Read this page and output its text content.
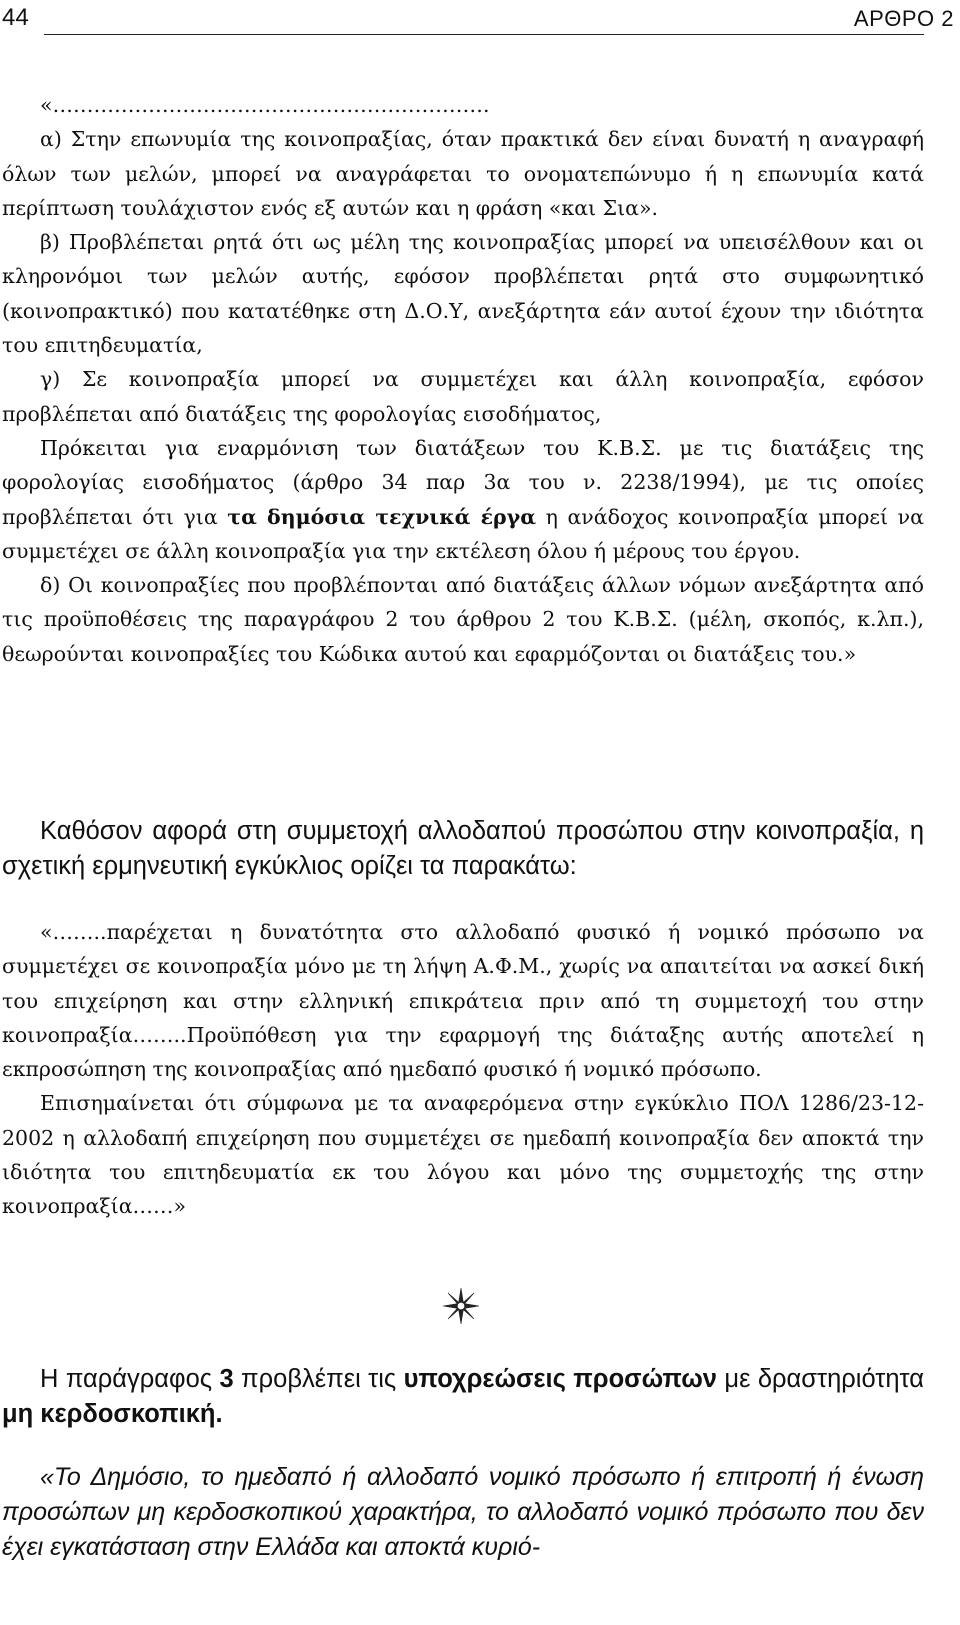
44	ΑΡΘΡΟ 2

«……………………………………………………….

α) Στην επωνυμία της κοινοπραξίας, όταν πρακτικά δεν είναι δυνατή η αναγραφή όλων των μελών, μπορεί να αναγράφεται το ονοματεπώνυμο ή η επωνυμία κατά περίπτωση τουλάχιστον ενός εξ αυτών και η φράση «και Σια».

β) Προβλέπεται ρητά ότι ως μέλη της κοινοπραξίας μπορεί να υπεισέλθουν και οι κληρονόμοι των μελών αυτής, εφόσον προβλέπεται ρητά στο συμφωνητικό (κοινοπρακτικό) που κατατέθηκε στη Δ.Ο.Υ, ανεξάρτητα εάν αυτοί έχουν την ιδιότητα του επιτηδευματία,

γ) Σε κοινοπραξία μπορεί να συμμετέχει και άλλη κοινοπραξία, εφόσον προβλέπεται από διατάξεις της φορολογίας εισοδήματος,

Πρόκειται για εναρμόνιση των διατάξεων του Κ.Β.Σ. με τις διατάξεις της φορολογίας εισοδήματος (άρθρο 34 παρ 3α του ν. 2238/1994), με τις οποίες προβλέπεται ότι για τα δημόσια τεχνικά έργα η ανάδοχος κοινοπραξία μπορεί να συμμετέχει σε άλλη κοινοπραξία για την εκτέλεση όλου ή μέρους του έργου.

δ) Οι κοινοπραξίες που προβλέπονται από διατάξεις άλλων νόμων ανεξάρτητα από τις προϋποθέσεις της παραγράφου 2 του άρθρου 2 του Κ.Β.Σ. (μέλη, σκοπός, κ.λπ.), θεωρούνται κοινοπραξίες του Κώδικα αυτού και εφαρμόζονται οι διατάξεις του.»

Καθόσον αφορά στη συμμετοχή αλλοδαπού προσώπου στην κοινοπραξία, η σχετική ερμηνευτική εγκύκλιος ορίζει τα παρακάτω:

«……..παρέχεται η δυνατότητα στο αλλοδαπό φυσικό ή νομικό πρόσωπο να συμμετέχει σε κοινοπραξία μόνο με τη λήψη Α.Φ.Μ., χωρίς να απαιτείται να ασκεί δική του επιχείρηση και στην ελληνική επικράτεια πριν από τη συμμετοχή του στην κοινοπραξία……..Προϋπόθεση για την εφαρμογή της διάταξης αυτής αποτελεί η εκπροσώπηση της κοινοπραξίας από ημεδαπό φυσικό ή νομικό πρόσωπο.

Επισημαίνεται ότι σύμφωνα με τα αναφερόμενα στην εγκύκλιο ΠΟΛ 1286/23-12-2002 η αλλοδαπή επιχείρηση που συμμετέχει σε ημεδαπή κοινοπραξία δεν αποκτά την ιδιότητα του επιτηδευματία εκ του λόγου και μόνο της συμμετοχής της στην κοινοπραξία……»

Η παράγραφος 3 προβλέπει τις υποχρεώσεις προσώπων με δραστηριότητα μη κερδοσκοπική.

«Το Δημόσιο, το ημεδαπό ή αλλοδαπό νομικό πρόσωπο ή επιτροπή ή ένωση προσώπων μη κερδοσκοπικού χαρακτήρα, το αλλοδαπό νομικό πρόσωπο που δεν έχει εγκατάσταση στην Ελλάδα και αποκτά κυριό-
